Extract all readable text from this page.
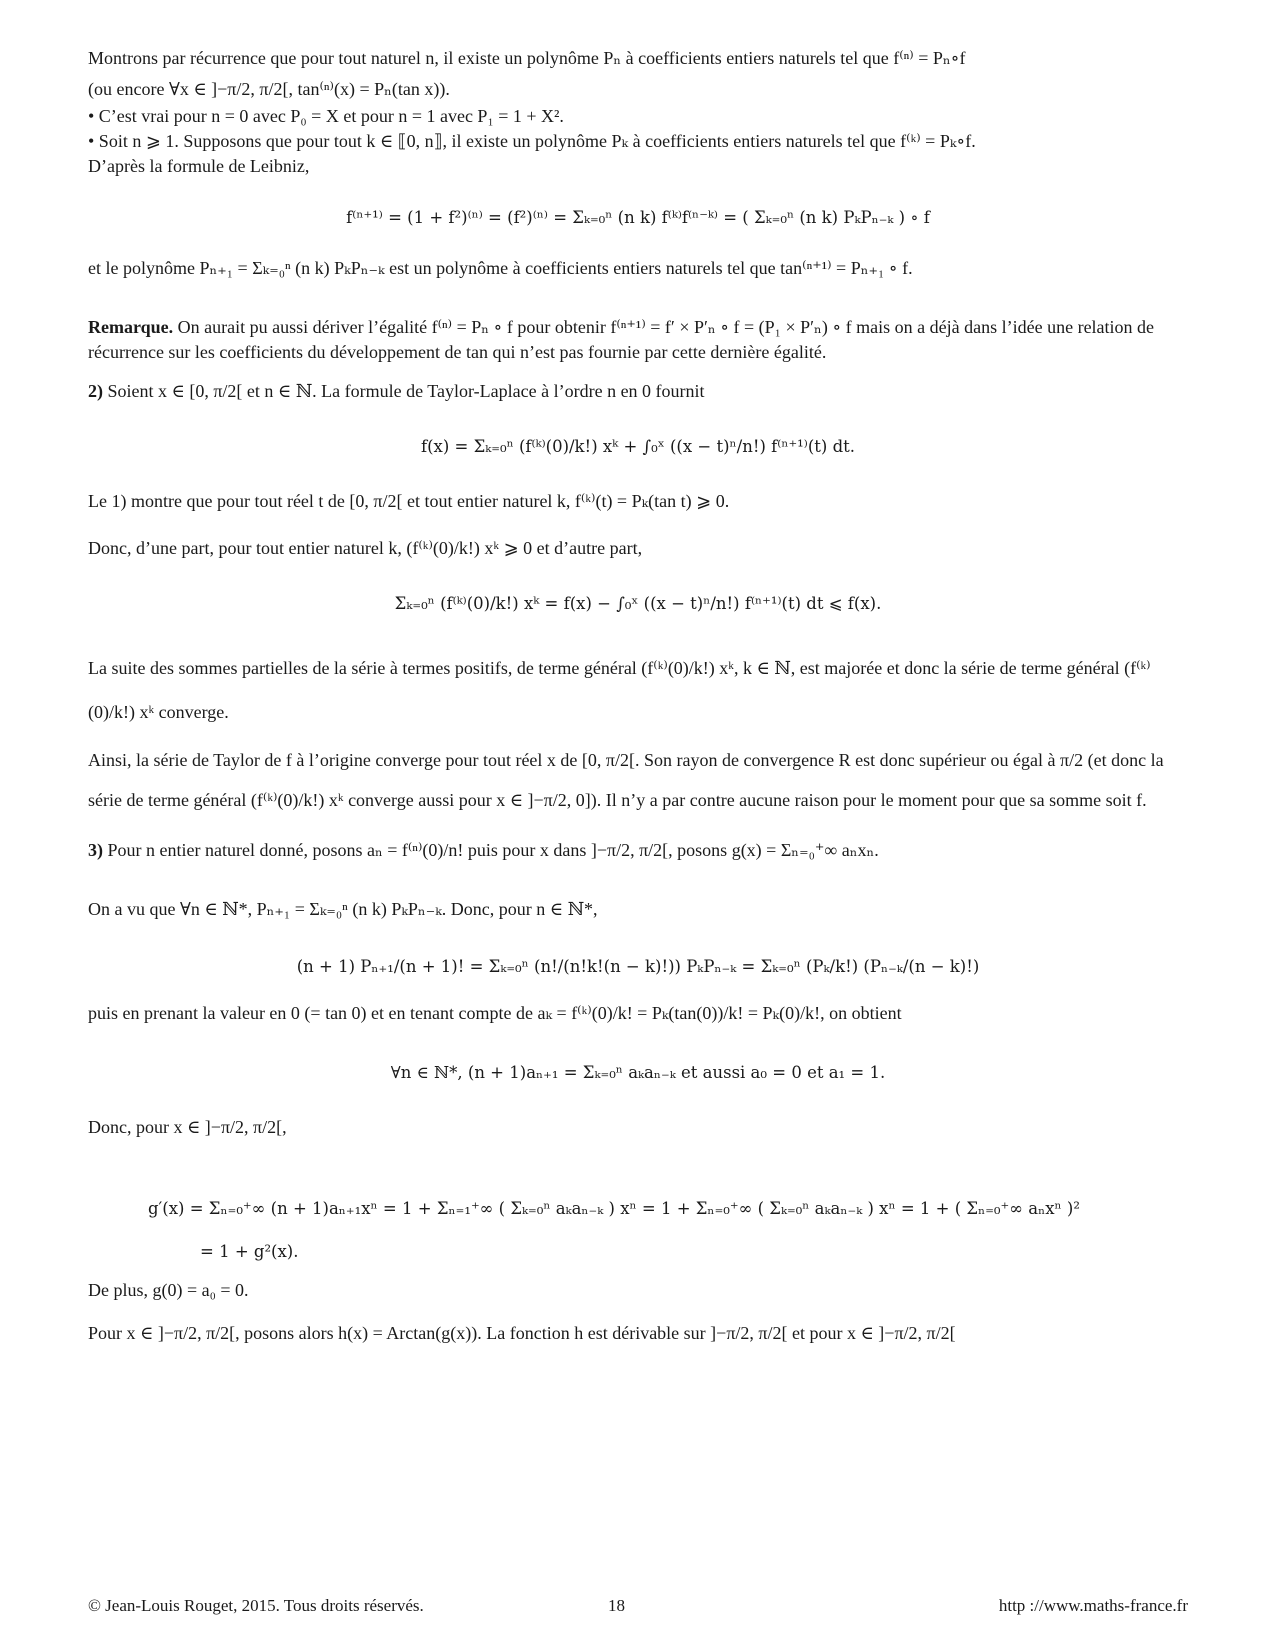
Montrons par récurrence que pour tout naturel n, il existe un polynôme Pₙ à coefficients entiers naturels tel que f⁽ⁿ⁾ = Pₙ∘f

(ou encore ∀x ∈ ]−π/2, π/2[, tan⁽ⁿ⁾(x) = Pₙ(tan x)).

• C’est vrai pour n = 0 avec P₀ = X et pour n = 1 avec P₁ = 1 + X².

• Soit n ⩾ 1. Supposons que pour tout k ∈ ⟦0, n⟧, il existe un polynôme Pₖ à coefficients entiers naturels tel que f⁽ᵏ⁾ = Pₖ∘f.

D’après la formule de Leibniz,

f⁽ⁿ⁺¹⁾ = (1 + f²)⁽ⁿ⁾ = (f²)⁽ⁿ⁾ = Σₖ₌₀ⁿ (n k) f⁽ᵏ⁾f⁽ⁿ⁻ᵏ⁾ = ( Σₖ₌₀ⁿ (n k) PₖPₙ₋ₖ ) ∘ f

et le polynôme Pₙ₊₁ = Σₖ₌₀ⁿ (n k) PₖPₙ₋ₖ est un polynôme à coefficients entiers naturels tel que tan⁽ⁿ⁺¹⁾ = Pₙ₊₁ ∘ f.

Remarque. On aurait pu aussi dériver l’égalité f⁽ⁿ⁾ = Pₙ ∘ f pour obtenir f⁽ⁿ⁺¹⁾ = f′ × P′ₙ ∘ f = (P₁ × P′ₙ) ∘ f mais on a déjà dans l’idée une relation de récurrence sur les coefficients du développement de tan qui n’est pas fournie par cette dernière égalité.

2) Soient x ∈ [0, π/2[ et n ∈ ℕ. La formule de Taylor-Laplace à l’ordre n en 0 fournit

f(x) = Σₖ₌₀ⁿ (f⁽ᵏ⁾(0)/k!) xᵏ + ∫₀ˣ ((x − t)ⁿ/n!) f⁽ⁿ⁺¹⁾(t) dt.

Le 1) montre que pour tout réel t de [0, π/2[ et tout entier naturel k, f⁽ᵏ⁾(t) = Pₖ(tan t) ⩾ 0.

Donc, d’une part, pour tout entier naturel k, (f⁽ᵏ⁾(0)/k!) xᵏ ⩾ 0 et d’autre part,

Σₖ₌₀ⁿ (f⁽ᵏ⁾(0)/k!) xᵏ = f(x) − ∫₀ˣ ((x − t)ⁿ/n!) f⁽ⁿ⁺¹⁾(t) dt ⩽ f(x).

La suite des sommes partielles de la série à termes positifs, de terme général (f⁽ᵏ⁾(0)/k!) xᵏ, k ∈ ℕ, est majorée et donc la série de terme général (f⁽ᵏ⁾(0)/k!) xᵏ converge.

Ainsi, la série de Taylor de f à l’origine converge pour tout réel x de [0, π/2[. Son rayon de convergence R est donc supérieur ou égal à π/2 (et donc la série de terme général (f⁽ᵏ⁾(0)/k!) xᵏ converge aussi pour x ∈ ]−π/2, 0]). Il n’y a par contre aucune raison pour le moment pour que sa somme soit f.

3) Pour n entier naturel donné, posons aₙ = f⁽ⁿ⁾(0)/n! puis pour x dans ]−π/2, π/2[, posons g(x) = Σₙ₌₀⁺∞ aₙxₙ.

On a vu que ∀n ∈ ℕ*, Pₙ₊₁ = Σₖ₌₀ⁿ (n k) PₖPₙ₋ₖ. Donc, pour n ∈ ℕ*,

(n + 1) Pₙ₊₁/(n + 1)! = Σₖ₌₀ⁿ (n!/(n!k!(n − k)!)) PₖPₙ₋ₖ = Σₖ₌₀ⁿ (Pₖ/k!) (Pₙ₋ₖ/(n − k)!)

puis en prenant la valeur en 0 (= tan 0) et en tenant compte de aₖ = f⁽ᵏ⁾(0)/k! = Pₖ(tan(0))/k! = Pₖ(0)/k!, on obtient

∀n ∈ ℕ*, (n + 1)aₙ₊₁ = Σₖ₌₀ⁿ aₖaₙ₋ₖ et aussi a₀ = 0 et a₁ = 1.

Donc, pour x ∈ ]−π/2, π/2[,

g′(x) = Σₙ₌₀⁺∞ (n + 1)aₙ₊₁xⁿ = 1 + Σₙ₌₁⁺∞ ( Σₖ₌₀ⁿ aₖaₙ₋ₖ ) xⁿ = 1 + Σₙ₌₀⁺∞ ( Σₖ₌₀ⁿ aₖaₙ₋ₖ ) xⁿ = 1 + ( Σₙ₌₀⁺∞ aₙxⁿ )²
= 1 + g²(x).

De plus, g(0) = a₀ = 0.

Pour x ∈ ]−π/2, π/2[, posons alors h(x) = Arctan(g(x)). La fonction h est dérivable sur ]−π/2, π/2[ et pour x ∈ ]−π/2, π/2[

© Jean-Louis Rouget, 2015. Tous droits réservés.	18	http ://www.maths-france.fr
